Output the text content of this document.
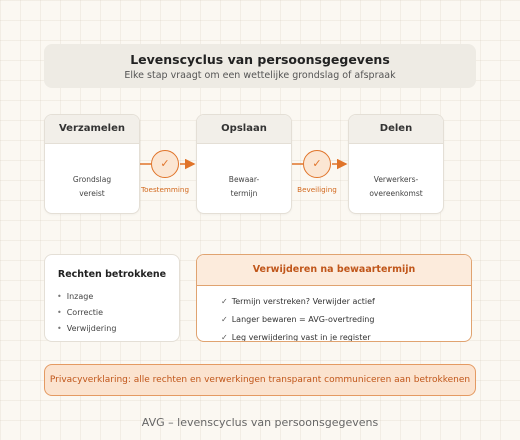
Levenscyclus van persoonsgegevens
Elke stap vraagt om een wettelijke grondslag of afspraak
Verzamelen
Grondslag
vereist
Opslaan
Bewaar-
termijn
Delen
Verwerkers-
overeenkomst
✓
Toestemming
✓
Beveiliging
Rechten betrokkene
• Inzage
• Correctie
• Verwijdering
Verwijderen na bewaartermijn
✓ Termijn verstreken? Verwijder actief
✓ Langer bewaren = AVG-overtreding
✓ Leg verwijdering vast in je register
Privacyverklaring: alle rechten en verwerkingen transparant communiceren aan betrokkenen
AVG – levenscyclus van persoonsgegevens
